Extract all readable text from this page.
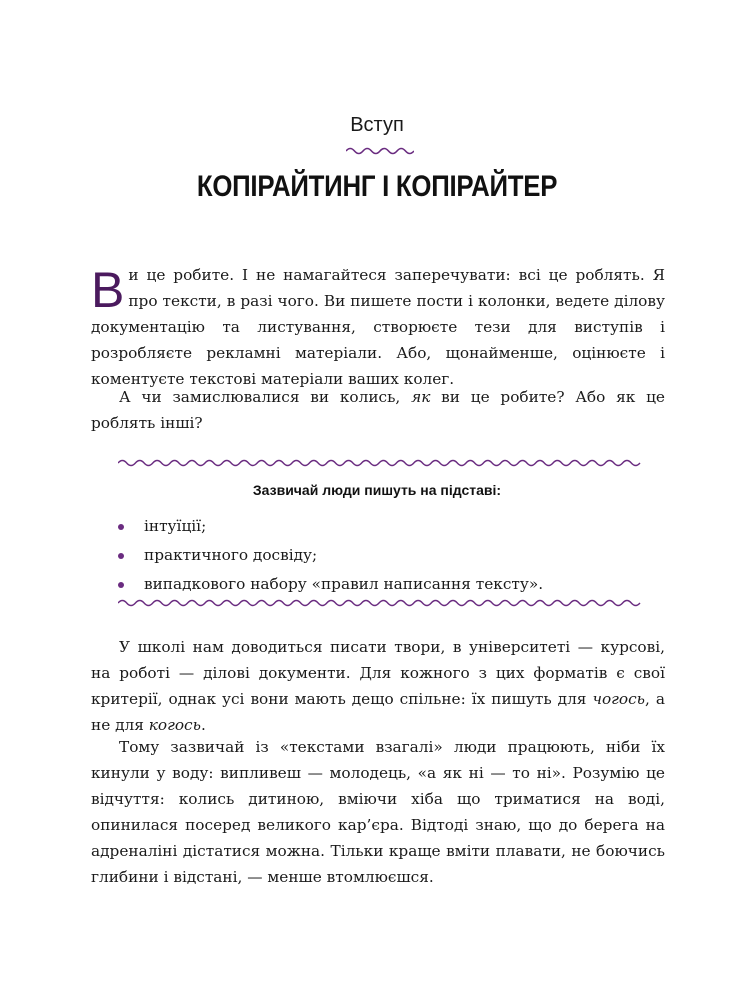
Вступ
КОПІРАЙТИНГ І КОПІРАЙТЕР

Ви це робите. І не намагайтеся заперечувати: всі це роблять. Я про тексти, в разі чого. Ви пишете пости і колонки, ведете ділову документацію та листування, створюєте тези для виступів і розробляєте рекламні матеріали. Або, щонайменше, оцінюєте і коментуєте текстові матеріали ваших колег.

А чи замислювалися ви колись, як ви це робите? Або як це роблять інші?

Зазвичай люди пишуть на підставі:
інтуїції;
практичного досвіду;
випадкового набору «правил написання тексту».

У школі нам доводиться писати твори, в університеті — курсові, на роботі — ділові документи. Для кожного з цих форматів є свої критерії, однак усі вони мають дещо спільне: їх пишуть для чогось, а не для когось.

Тому зазвичай із «текстами взагалі» люди працюють, ніби їх кинули у воду: випливеш — молодець, «а як ні — то ні». Розумію це відчуття: колись дитиною, вміючи хіба що триматися на воді, опинилася посеред великого кар’єра. Відтоді знаю, що до берега на адреналіні дістатися можна. Тільки краще вміти плавати, не боючись глибини і відстані, — менше втомлюєшся.
